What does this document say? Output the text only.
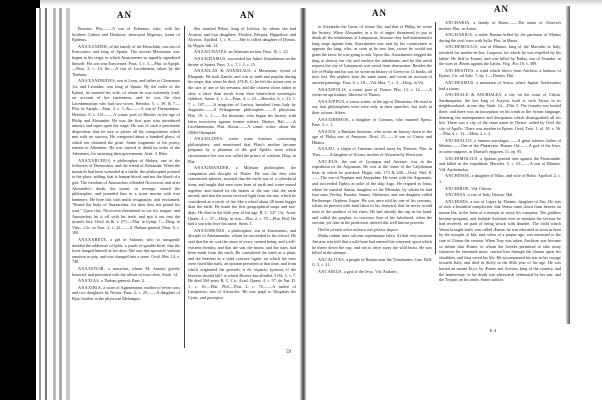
AN	AN

Boeotus. Plut.——A son of Echemus, who, with his brothers Cedeus and Diodorus, destroyed Hegesias, tyrant of Ephesus.

ANAXANDER, of the family of the Heraclidæ, was son of Eurycrates, and king of Sparta. The second Messenian war, begun in his reign, in which Aristomenes so signally signalized himself. His son was Eurycrates. Paus. 3, c. 3.—Plut. in Apoph.—Paus. 3, c. 14, &c.—A son of Lacedæmon, taken by the Thebans.

ANAXANDRIDES, son of Leon, and father to Cleomenes 1st, and Leonidas, was king of Sparta. By the order of the Ephori, he married his wife, of whom he was extremely fond, on account of her barrenness; and he was the first Lacedæmonian who had two wives. Herodot. 5, c. 39. & 7.—Plut. in Apoph.—Paus. 3, c. 3, &c.——A son of Theopompus. Herodot. 8, c. 131.——A comic poet of Rhodes in the age of Philip and Alexander. He was the first poet who introduced amours and rapes upon the stage. He was of such a passionate disposition, that he tore to pieces all his compositions which met with no success. He composed about a hundred plays, of which ten obtained the prize. Some fragments of his poetry remain in Athenæus. He was starved to death by order of the Athenians, for satirizing their government. Arist. 3, Rhet.

ANAXARCHUS, a philosopher of Abdera, one of the followers of Democritus, and the friend of Alexander. When the monarch had been wounded in a battle, the philosopher pointed to the place, adding, that is human blood, and not the blood of a god. The freedom of Anaxarchus offended Nicocreon, and after Alexander's death, the tyrant, in revenge, seized the philosopher, and pounded him in a stone mortar with iron hammers. He bore this with much resignation, and exclaimed, "Pound the body of Anaxarchus, for thou dost not pound his soul." Upon this, Nicocreon threatened to cut his tongue, and Anaxarchus bit it off with his teeth, and spit it out into the tyrant's face. Ovid. in Ib. v. 571.—Plut. in Symp. 7.—Diog. in Vita.—Cic. in Tusc. 2, c. 22.——A Theban general. Paus. 8, c. 100.

ANAXARETE, a girl of Salamis, who so arrogantly derided the addresses of Iphis, a youth of ignoble birth, that the lover hanged himself at her door. She saw this spectacle without emotion or pity, and was changed into a stone. Ovid. Met. 14, v. 748.

ANAXENOR, a musician, whom M. Antony greatly honored, and presented with the tribute of four cities. Strab. 14.

ANAXIAS, a Theban general. Paus. 2.

ANAXIBIA, a sister of Agamemnon, mother of seven sons and two daughters by Nestor. Paus. 2, c. 29.——A daughter of Bias, brother to the physician Melampus.

She married Pelias, king of Iolchos, by whom she had Acastus, and four daughters, Pisidice, Pelopea, Hippothoe, and Alcestis. Apollod. 1, c. 9.——She is called daughter of Dymas, by Hygin. fab. 14.

ANAXICRATES, an Athenian archon. Paus. 10, c. 23.

ANAXIDAMUS, succeeded his father Zeuxidamus on the throne of Sparta. Paus. 3, c. 7, l. 4, c. 15.

ANAXILAS & ANAXILAUS, a Messenian, tyrant of Rhegium. He took Zancle, and was so mild and popular during his reign, that when he died, 476 B. C. he left his infant sons to the care of one of his servants, and the citizens chose rather to obey a slave than revolt from their benevolent sovereign's children. Justin. 4, c. 2.—Paus. 4, c. 23.—Herodot. 6, c. 23. 1. 7, c. 167.——A magician of Larissa, banished from Italy by Augustus.——A Pythagorean philosopher.——A physician. Plin. 19, c. 1.——An historian, who began his history with bitter invectives against former writers. Dionys. Hal.——A Lacedæmonian. Plut. About.——A comic writer, about the 100th Olympiad.

ANAXILIDES, wrote some treatises concerning philosophers, and mentioned that Plato's mother became pregnant by a phantom of the god Apollo, from which circumstance her son was called the prince of wisdom. Diog. in Plat.

ANAXIMANDER, a Milesian philosopher, the companion and disciple of Thales. He was the first who constructed spheres, asserted that the earth was of a cylindrical form, and taught that men were born of earth and water mixed together, and heated by the beams of the sun; that the earth moved, and that the moon received light from the sun, which he considered as a circle of fire like a wheel about 28 times bigger than the earth. He made the first geographical maps and sun-dials. He died in the 64th year of his age, B. C. 547. Cic. Acad. Quæst. 4, c. 37.—Diog. in vita.—Plin. 2, c. 79.—Plut. Phil. He had a son who bore his name. Strab. 1.

ANAXIMENES, a philosopher, son of Erasistratus, and disciple of Anaximander, whom he succeeded in his school. He said that the air was the cause of every created being, and a self-existent divinity, and that the sun, the moon, and the stars, had been made from the earth. He considered the earth as a plain, and the heavens as a solid concave figure, on which the stars were fixed like nails, an opinion prevalent at that time, and from which originated the proverb, τί ἂν οὐρανὸς ἐμπέσοι; if the heavens should fall? to which Horace has alluded, 3 Od. 3, v. 7. He died 504 years B. C. Cic. Acad. Quæst. 4, c. 37. de Nat. D. 1, c. 10.—Plut. Phil.—Plin. 2, c. 76.——A native of Lampsacus, son of Aristocles. He was pupil to Diogenes the Cynic, and preceptor

59
AN	AN

to Alexander the Great, of whose life, and that of Philip, he wrote the history. When Alexander, in a fit of anger, threatened to put to death all the inhabitants of Lampsacus, because they had maintained a long siege against him, Anaximenes was sent by his countrymen to appease the king, who, as soon as he saw him, swore he would not grant the favor he was going to ask. Upon this, Anaximenes begged the king to destroy the city and enslave the inhabitants, and by this artful request the city of Lampsacus was saved from destruction. Besides the life of Philip and his son, he wrote an history of Greece in 12 books, all now lost. His nephew bore the same name, and wrote an account of ancient paintings. Paus. 6, c. 18.—Val. Max. 7, c. 3.—Diog. in Vit.

ANAXIPOLIS, a comic poet of Thasos. Plin. 14, c. 14.——A writer on agriculture, likewise of Thasos.

ANAXIPPUS, a comic writer, in the age of Demetrius. He used to say, that philosophers were wise only in their speeches, but fools in their actions. Athen.

ANAXIRRHOE, a daughter of Coronus, who married Epeus. Paus. 5, c. 1.

ANAXIS, a Bœotian historian, who wrote an history down to the age of Philip son of Amyntas. Diod. 15.——A son of Castor and Hilaira.

ANAXO, a virgin of Trœzene carried away by Theseus. Plut. in Thes.——A daughter of Alceus, mother of Alcmena by Electryon.

ANCÆUS, the son of Lycurgus and Antinoe, was in the expedition of the Argonauts. He was at the chase of the Calydonian boar, in which he perished. Hygin. fab. 173 & 248.—Ovid. Met. 8.——The son of Neptune and Astypalæa. He went with the Argonauts, and succeeded Tiphys as pilot of the ship Argo. He reigned in Ionia, where he married Samia, daughter of the Meander, by whom he had four sons, Perilas, Enudus, Samus, Alitherses, and one daughter called Parthenope. Orpheus Argon. He was once told by one of his servants, whom he pressed with hard labor in his vineyard, that he never would taste of the produce of his vines. He had already the cup in his hand, and called the prophet, to convince him of his falsehood; when the servant, yet firm in his prediction, uttered this well known proverb,

Πολλὰ μεταξὺ πέλει κύλικος καὶ χείλεος ἄκρου.

Multa cadunt inter calicem supremaque labra. At that very moment Ancæus was told that a wild boar had entered his vineyard; upon which he threw down the cup, and ran to drive away the wild beast. He was killed in the attempt.

ANCALITES, a people of Britain near the Trinobantes. Cæs. Bell. G. 5, c. 21.

ANCARIUS, a god of the Jews. Vid. Andates.

ANCHARIA, a family of Rome.——The name of Octavia's mother. Plut. in Anton.

ANCHARIUS, a noble Roman killed by the partisans of Marius during the civil wars with Sylla. Plut. in Mario.

ANCHEMOLUS, son of Rhœtus, king of the Marrubii in Italy, ravished his mother-in-law, Casperia, for which he was expelled by his father. He fled to Turnus, and was killed by Pallas, son of Evander, in the wars of Æneas against the Latins. Virg. Æn. 10, v. 389.

ANCHESITES, a wind which blows from Anchisa, a harbour of Epirus. Cic. ad Attic. 7, ep. 1.—Dionys. Hal.

ANCHESMUS, a mountain of Attica, where Jupiter Anchesmius had a statue.

ANCHIALE & ANCHIALEA, a city on the coast of Cilicia. Sardanapalus, the last king of Assyria, built it, with Tarsus in its neighbourhood, in one day. Strab. 14.—Plin. 5. The founder was buried there, and there was an inscription on his tomb in the Syrian language, denoting the intemperance and dissipation which distinguished all his life. There was a city of the same name in Thrace, called by Ovid the city of Apollo. There was another in Epirus. Ovid. Trist. 1, el. 10, v. 36.—Plin. 4, c. 11.—Mela, 2, c. 2.

ANCHIALUS, a famous astrologer.——A great warrior, father of Mentes.——One of the Phæacians. Homer. Od.——A god of the Jews, as some suppose, in Martial's epigram, 11, ep. 95.

ANCHIMOLIUS, a Spartan general sent against the Pisistratidæ, and killed in the expedition. Herodot. 5, c. 63.——A son of Rhœtus. Vid. Anchemolus.

ANCHINOE, a daughter of Nilus, and wife of Belus. Apollod. 2, c. 1.

ANCHIROE. Vid. Chiron.

ANCHISA, a city of Italy. Dionys. Hal.

ANCHISES, a son of Capys by Themis, daughter of Ilus. He was of such a beautiful complexion, that Venus came down from heaven on mount Ida, in the form of a nymph, to enjoy his company. The goddess became pregnant, and forbade Anchises ever to mention the favours he had received, on pain of being struck with thunder. The child which Venus brought forth, was called Æneas; he was educated as soon as born by the nymphs of Ida, and, when of a proper age, was entrusted to the care of Chiron the centaur. When Troy was taken, Anchises was become so infirm that Æneas, to whom the Greeks permitted to take away whatever he esteemed most, carried him through the flames upon his shoulders, and thus saved his life. He accompanied his son in his voyage towards Italy, and died in Sicily in the 80th year of his age. He was buried on mount Eryx, by Æneas and Acestes, king of the country, and the anniversary of his death was afterwards celebrated by his son, and the Trojans on his tomb. Some authors

E 4
